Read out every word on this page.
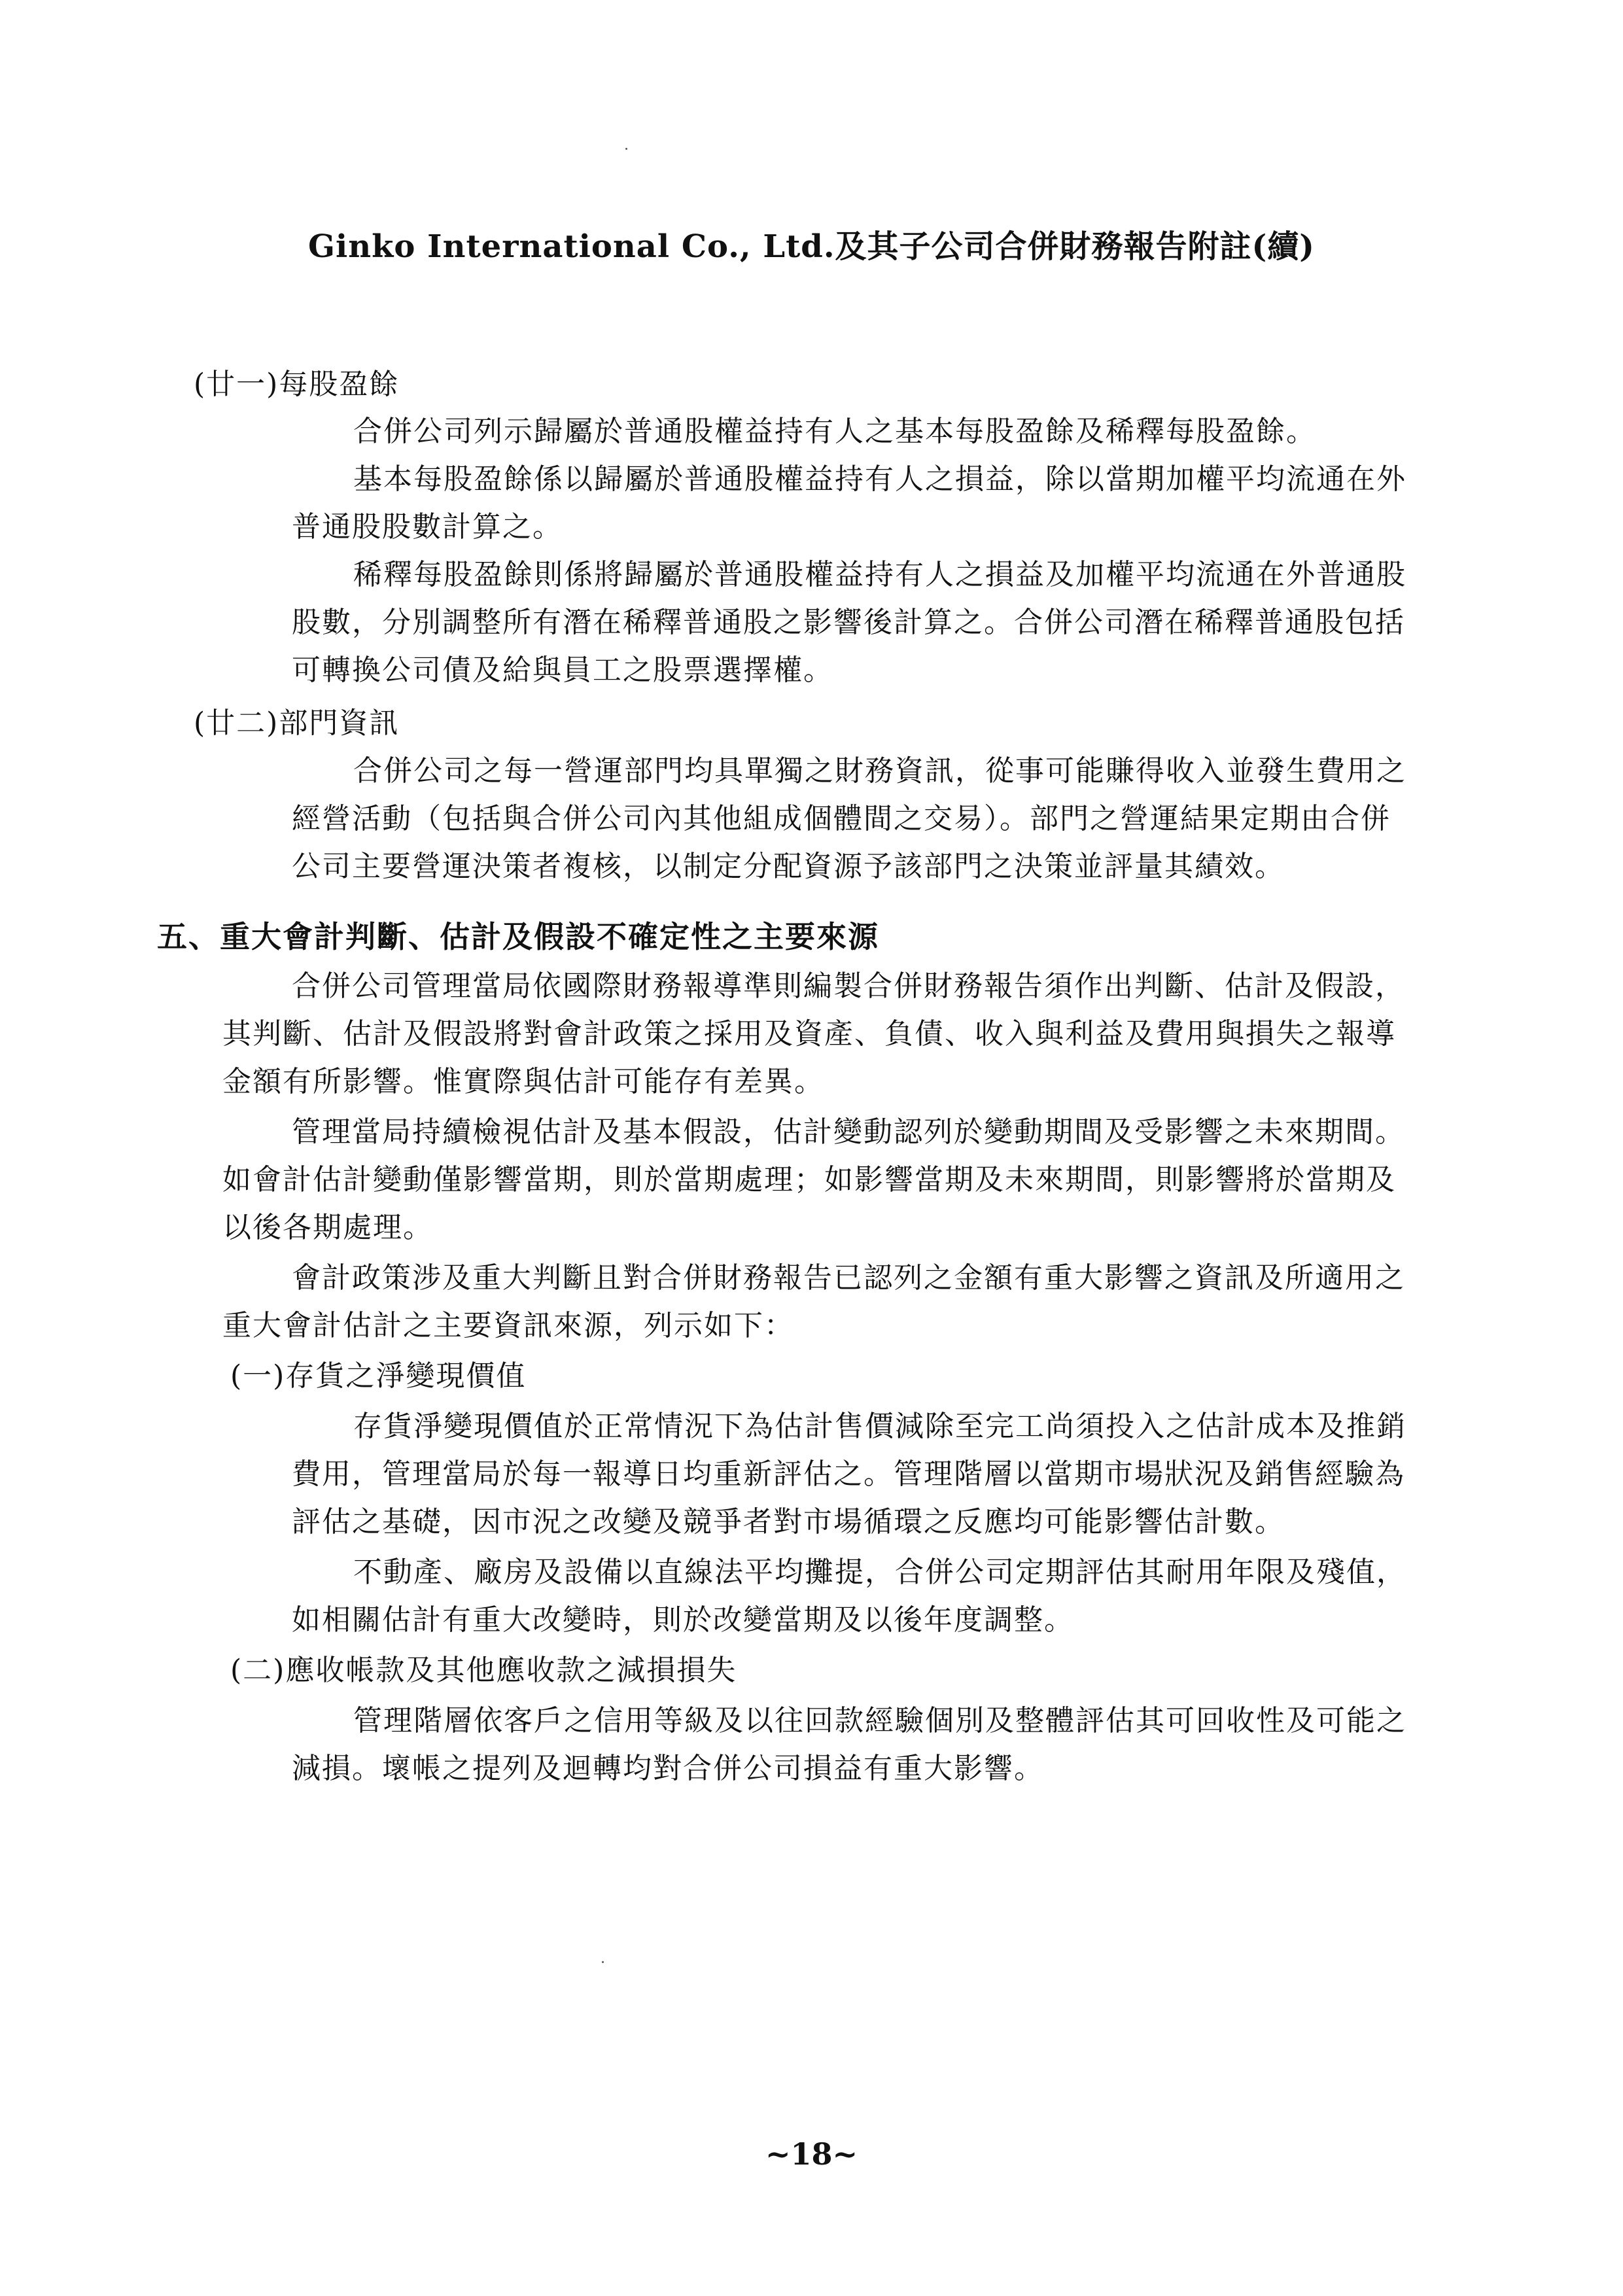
Ginko International Co., Ltd.及其子公司合併財務報告附註(續)
(廿一)每股盈餘
合併公司列示歸屬於普通股權益持有人之基本每股盈餘及稀釋每股盈餘。
基本每股盈餘係以歸屬於普通股權益持有人之損益，除以當期加權平均流通在外
普通股股數計算之。
稀釋每股盈餘則係將歸屬於普通股權益持有人之損益及加權平均流通在外普通股
股數，分別調整所有潛在稀釋普通股之影響後計算之。合併公司潛在稀釋普通股包括
可轉換公司債及給與員工之股票選擇權。
(廿二)部門資訊
合併公司之每一營運部門均具單獨之財務資訊，從事可能賺得收入並發生費用之
經營活動（包括與合併公司內其他組成個體間之交易）。部門之營運結果定期由合併
公司主要營運決策者複核，以制定分配資源予該部門之決策並評量其績效。
五、重大會計判斷、估計及假設不確定性之主要來源
合併公司管理當局依國際財務報導準則編製合併財務報告須作出判斷、估計及假設，
其判斷、估計及假設將對會計政策之採用及資產、負債、收入與利益及費用與損失之報導
金額有所影響。惟實際與估計可能存有差異。
管理當局持續檢視估計及基本假設，估計變動認列於變動期間及受影響之未來期間。
如會計估計變動僅影響當期，則於當期處理；如影響當期及未來期間，則影響將於當期及
以後各期處理。
會計政策涉及重大判斷且對合併財務報告已認列之金額有重大影響之資訊及所適用之
重大會計估計之主要資訊來源，列示如下：
(一)存貨之淨變現價值
存貨淨變現價值於正常情況下為估計售價減除至完工尚須投入之估計成本及推銷
費用，管理當局於每一報導日均重新評估之。管理階層以當期市場狀況及銷售經驗為
評估之基礎，因市況之改變及競爭者對市場循環之反應均可能影響估計數。
不動產、廠房及設備以直線法平均攤提，合併公司定期評估其耐用年限及殘值，
如相關估計有重大改變時，則於改變當期及以後年度調整。
(二)應收帳款及其他應收款之減損損失
管理階層依客戶之信用等級及以往回款經驗個別及整體評估其可回收性及可能之
減損。壞帳之提列及迴轉均對合併公司損益有重大影響。
~18~
